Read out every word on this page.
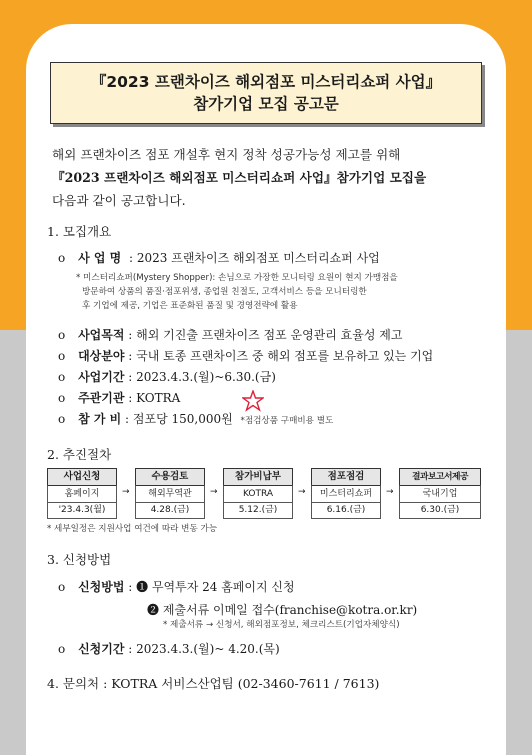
『2023 프랜차이즈 해외점포 미스터리쇼퍼 사업』
참가기업 모집 공고문
해외 프랜차이즈 점포 개설후 현지 정착 성공가능성 제고를 위해
『2023 프랜차이즈 해외점포 미스터리쇼퍼 사업』참가기업 모집을
다음과 같이 공고합니다.
1. 모집개요
o 사 업 명 : 2023 프랜차이즈 해외점포 미스터리쇼퍼 사업
* 미스터리쇼퍼(Mystery Shopper): 손님으로 가장한 모니터링 요원이 현지 가맹점을
방문하여 상품의 품질·점포위생, 종업원 친절도, 고객서비스 등을 모니터링한
후 기업에 제공, 기업은 표준화된 품질 및 경영전략에 활용
o 사업목적 : 해외 기진출 프랜차이즈 점포 운영관리 효율성 제고
o 대상분야 : 국내 토종 프랜차이즈 중 해외 점포를 보유하고 있는 기업
o 사업기간 : 2023.4.3.(월)~6.30.(금)
o 주관기관 : KOTRA
o 참 가 비 : 점포당 150,000원 *점검상품 구매비용 별도
2. 추진절차
사업신청
홈페이지
'23.4.3(월)
→
수용검토
해외무역관
4.28.(금)
→
참가비납부
KOTRA
5.12.(금)
→
점포점검
미스터리쇼퍼
6.16.(금)
→
결과보고서제공
국내기업
6.30.(금)
* 세부일정은 지원사업 여건에 따라 변동 가능
3. 신청방법
o 신청방법 : ❶ 무역투자 24 홈페이지 신청
❷ 제출서류 이메일 접수(franchise@kotra.or.kr)
* 제출서류 → 신청서, 해외점포정보, 체크리스트(기업자체양식)
o 신청기간 : 2023.4.3.(월)~ 4.20.(목)
4. 문의처 : KOTRA 서비스산업팀 (02-3460-7611 / 7613)
